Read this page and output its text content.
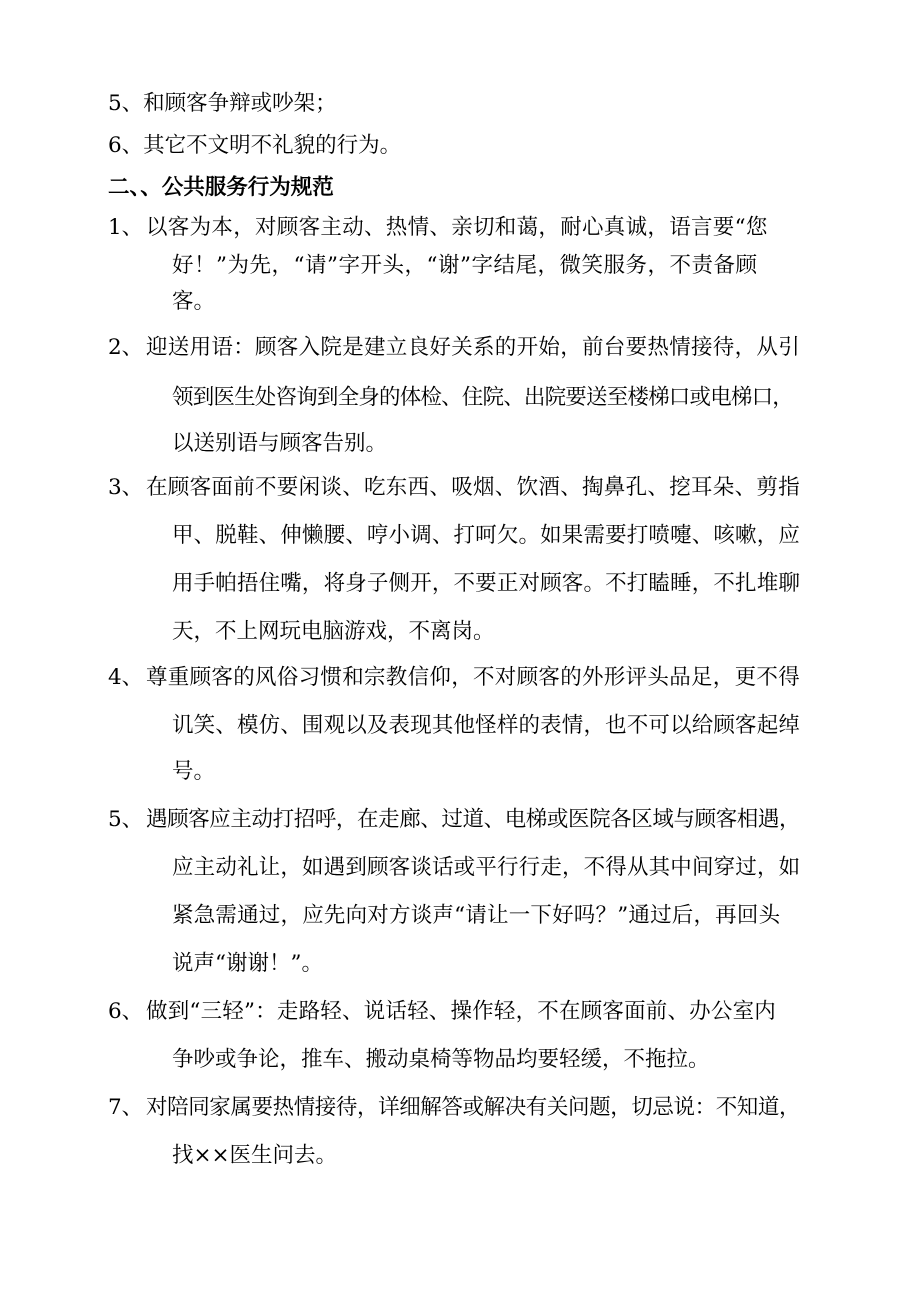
5、和顾客争辩或吵架；
6、其它不文明不礼貌的行为。
二、、公共服务行为规范
1、 以客为本，对顾客主动、热情、亲切和蔼，耐心真诚，语言要“您
好！”为先，“请”字开头，“谢”字结尾，微笑服务，不责备顾
客。
2、 迎送用语：顾客入院是建立良好关系的开始，前台要热情接待，从引
领到医生处咨询到全身的体检、住院、出院要送至楼梯口或电梯口，
以送别语与顾客告别。
3、 在顾客面前不要闲谈、吃东西、吸烟、饮酒、掏鼻孔、挖耳朵、剪指
甲、脱鞋、伸懒腰、哼小调、打呵欠。如果需要打喷嚏、咳嗽，应
用手帕捂住嘴，将身子侧开，不要正对顾客。不打瞌睡，不扎堆聊
天，不上网玩电脑游戏，不离岗。
4、 尊重顾客的风俗习惯和宗教信仰，不对顾客的外形评头品足，更不得
讥笑、模仿、围观以及表现其他怪样的表情，也不可以给顾客起绰
号。
5、 遇顾客应主动打招呼，在走廊、过道、电梯或医院各区域与顾客相遇，
应主动礼让，如遇到顾客谈话或平行行走，不得从其中间穿过，如
紧急需通过，应先向对方谈声“请让一下好吗？”通过后，再回头
说声“谢谢！”。
6、 做到“三轻”：走路轻、说话轻、操作轻，不在顾客面前、办公室内
争吵或争论，推车、搬动桌椅等物品均要轻缓，不拖拉。
7、 对陪同家属要热情接待，详细解答或解决有关问题，切忌说：不知道，
找××医生问去。
